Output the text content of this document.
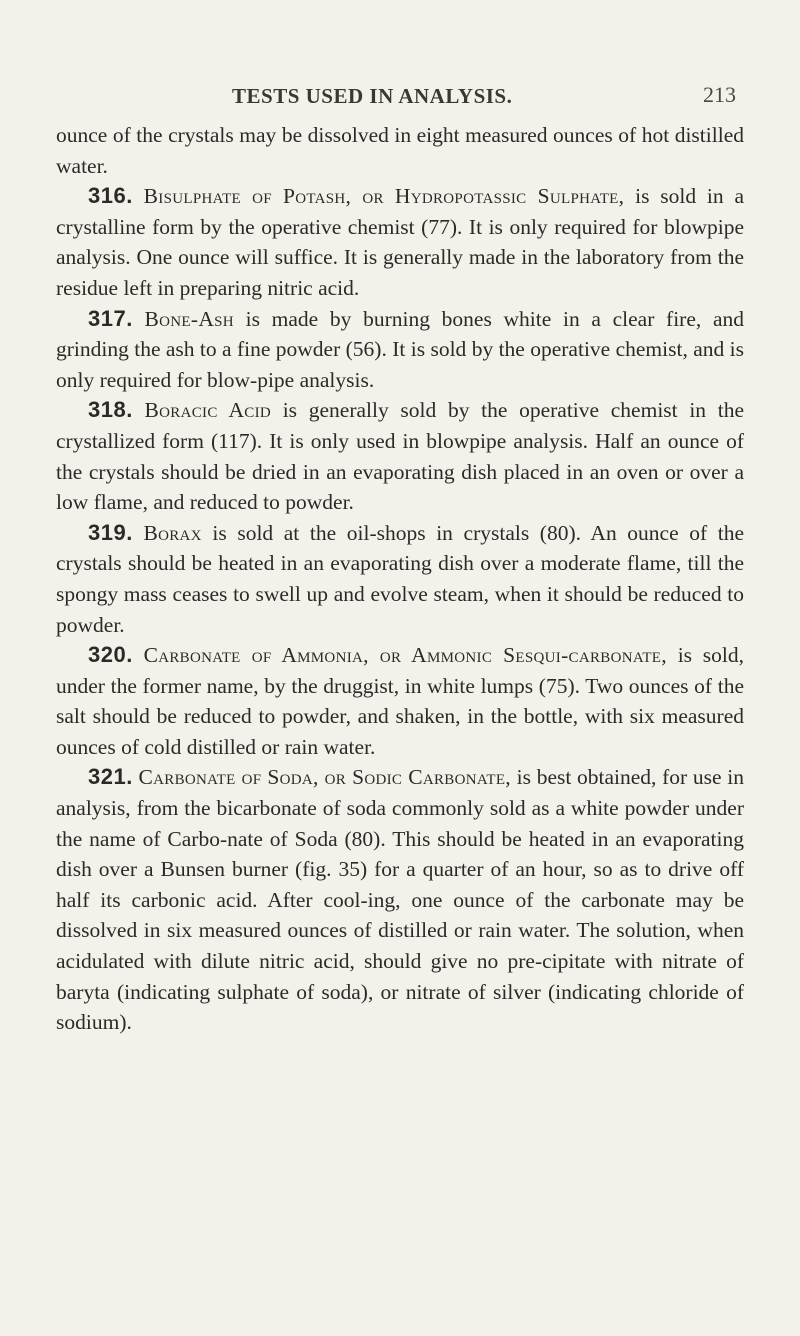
TESTS USED IN ANALYSIS.	213

ounce of the crystals may be dissolved in eight measured ounces of hot distilled water.

316. Bisulphate of Potash, or Hydropotassic Sulphate, is sold in a crystalline form by the operative chemist (77). It is only required for blowpipe analysis. One ounce will suffice. It is generally made in the laboratory from the residue left in preparing nitric acid.

317. Bone-Ash is made by burning bones white in a clear fire, and grinding the ash to a fine powder (56). It is sold by the operative chemist, and is only required for blow-pipe analysis.

318. Boracic Acid is generally sold by the operative chemist in the crystallized form (117). It is only used in blowpipe analysis. Half an ounce of the crystals should be dried in an evaporating dish placed in an oven or over a low flame, and reduced to powder.

319. Borax is sold at the oil-shops in crystals (80). An ounce of the crystals should be heated in an evaporating dish over a moderate flame, till the spongy mass ceases to swell up and evolve steam, when it should be reduced to powder.

320. Carbonate of Ammonia, or Ammonic Sesqui-carbonate, is sold, under the former name, by the druggist, in white lumps (75). Two ounces of the salt should be reduced to powder, and shaken, in the bottle, with six measured ounces of cold distilled or rain water.

321. Carbonate of Soda, or Sodic Carbonate, is best obtained, for use in analysis, from the bicarbonate of soda commonly sold as a white powder under the name of Carbo-nate of Soda (80). This should be heated in an evaporating dish over a Bunsen burner (fig. 35) for a quarter of an hour, so as to drive off half its carbonic acid. After cool-ing, one ounce of the carbonate may be dissolved in six measured ounces of distilled or rain water. The solution, when acidulated with dilute nitric acid, should give no pre-cipitate with nitrate of baryta (indicating sulphate of soda), or nitrate of silver (indicating chloride of sodium).
